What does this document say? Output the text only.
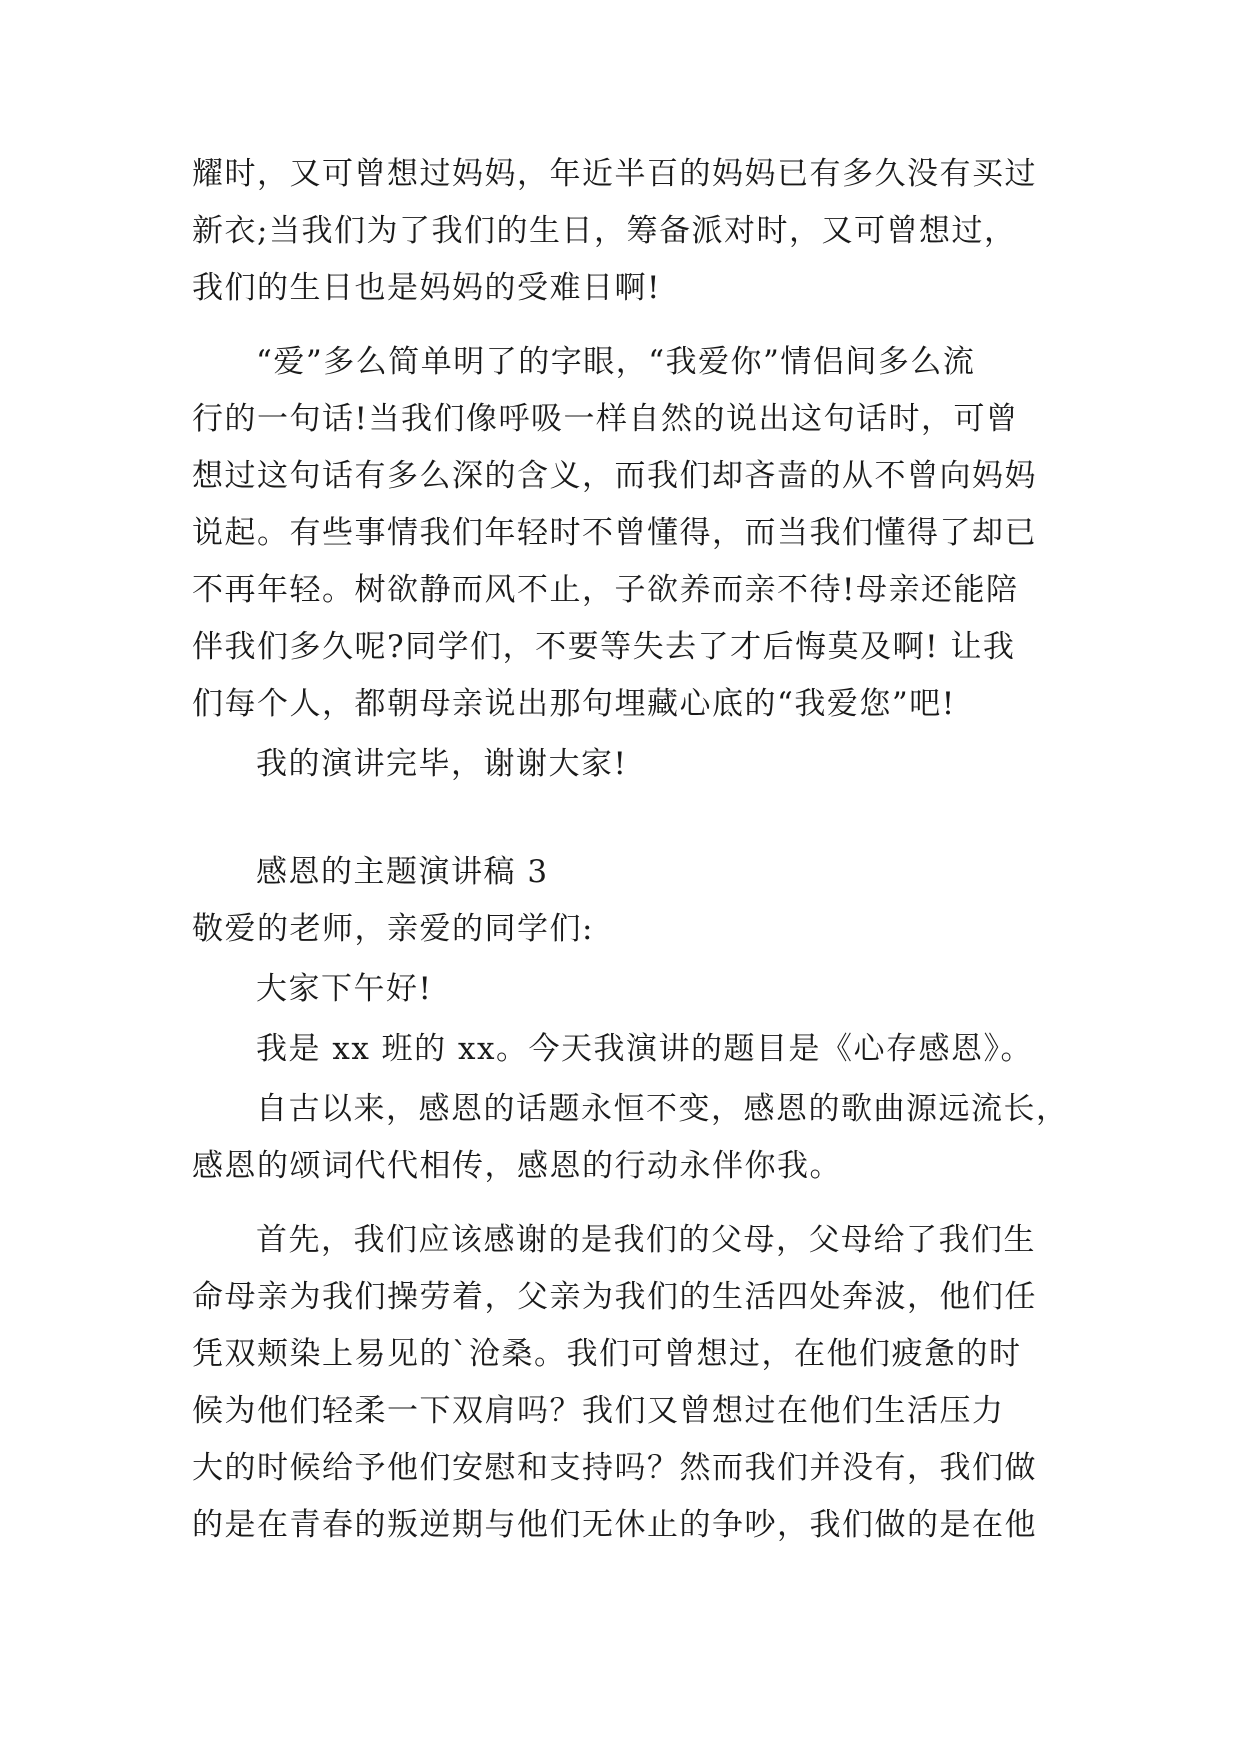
耀时，又可曾想过妈妈，年近半百的妈妈已有多久没有买过
新衣;当我们为了我们的生日，筹备派对时，又可曾想过，
我们的生日也是妈妈的受难日啊!
“爱”多么简单明了的字眼，“我爱你”情侣间多么流
行的一句话!当我们像呼吸一样自然的说出这句话时，可曾
想过这句话有多么深的含义，而我们却吝啬的从不曾向妈妈
说起。有些事情我们年轻时不曾懂得，而当我们懂得了却已
不再年轻。树欲静而风不止，子欲养而亲不待!母亲还能陪
伴我们多久呢?同学们，不要等失去了才后悔莫及啊! 让我
们每个人，都朝母亲说出那句埋藏心底的“我爱您”吧!
我的演讲完毕，谢谢大家!
感恩的主题演讲稿 3
敬爱的老师，亲爱的同学们:
大家下午好!
我是 xx 班的 xx。今天我演讲的题目是《心存感恩》。
自古以来，感恩的话题永恒不变，感恩的歌曲源远流长，
感恩的颂词代代相传，感恩的行动永伴你我。
首先，我们应该感谢的是我们的父母，父母给了我们生
命母亲为我们操劳着，父亲为我们的生活四处奔波，他们任
凭双颊染上易见的`沧桑。我们可曾想过，在他们疲惫的时
候为他们轻柔一下双肩吗？我们又曾想过在他们生活压力
大的时候给予他们安慰和支持吗？然而我们并没有，我们做
的是在青春的叛逆期与他们无休止的争吵，我们做的是在他
